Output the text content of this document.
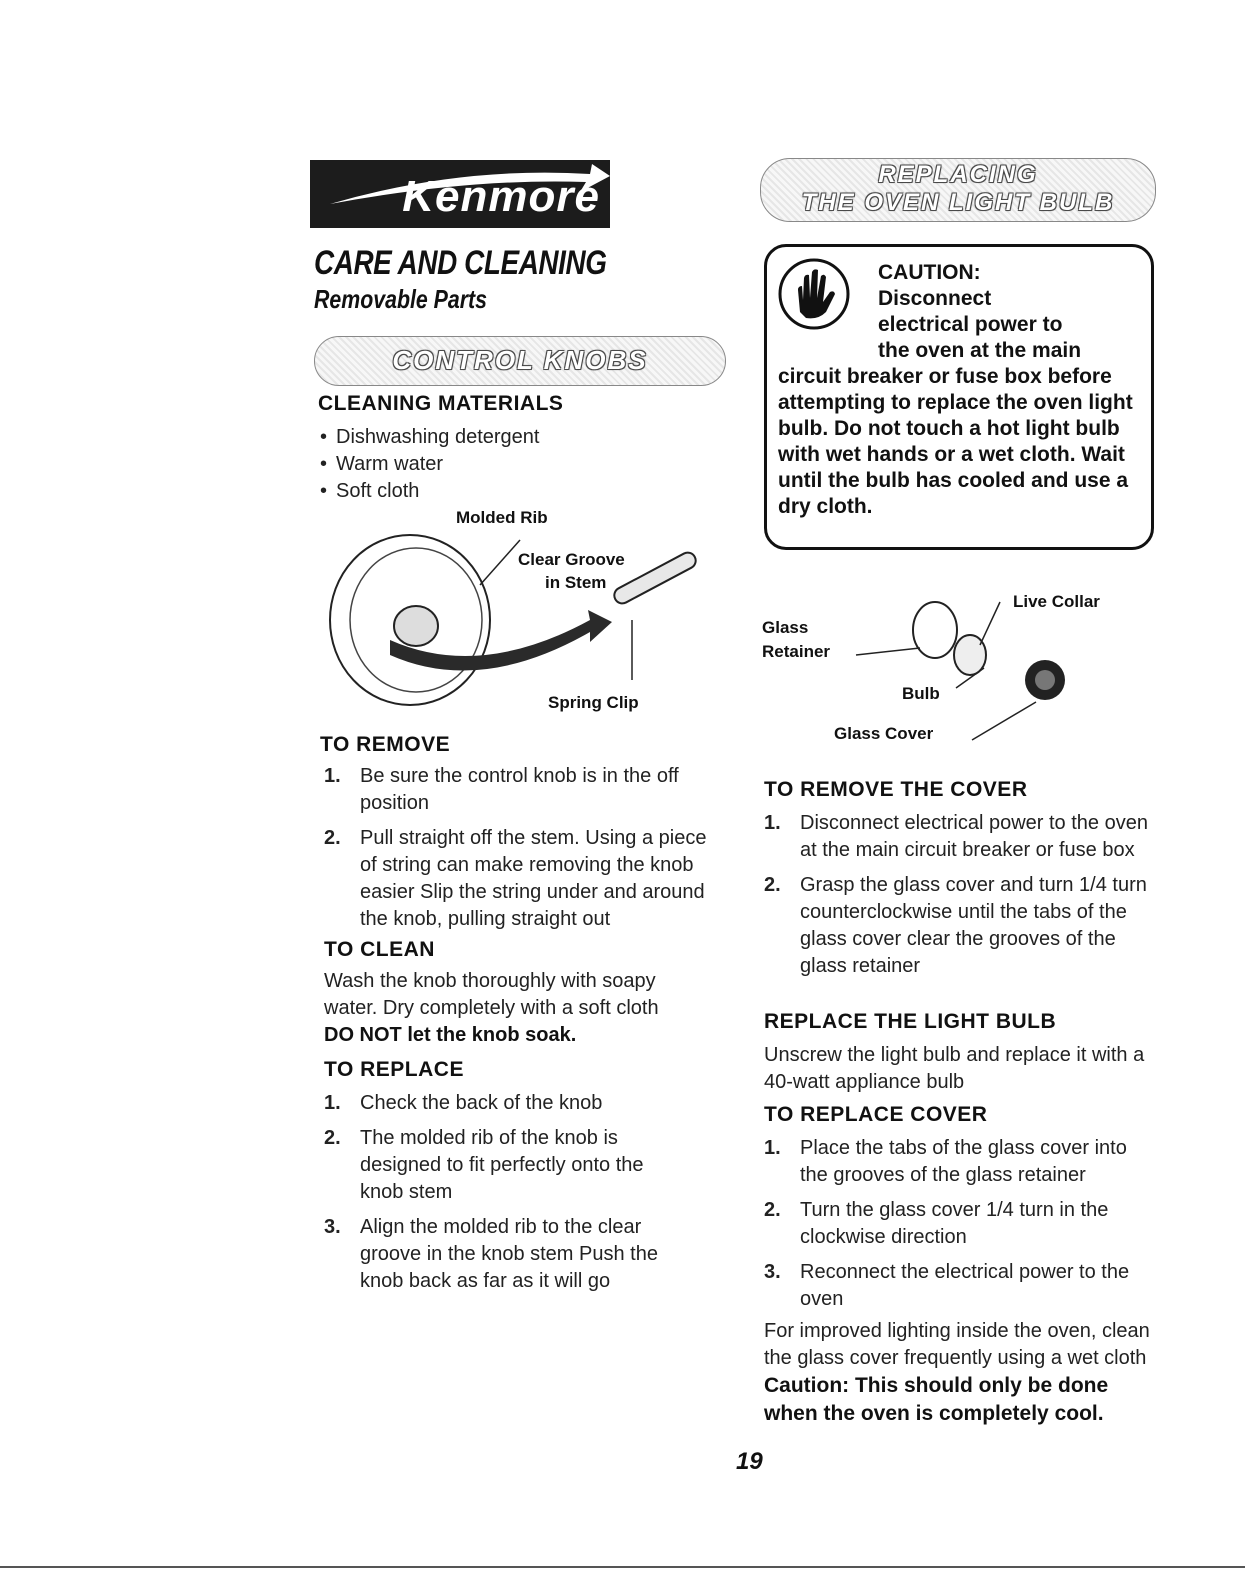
Kenmore
CARE AND CLEANING
Removable Parts
CONTROL KNOBS
CLEANING MATERIALS
• Dishwashing detergent
• Warm water
• Soft cloth
Molded Rib
Clear Groove
in Stem
Spring Clip
TO REMOVE
1. Be sure the control knob is in the off position
2. Pull straight off the stem. Using a piece of string can make removing the knob easier Slip the string under and around the knob, pulling straight out
TO CLEAN
Wash the knob thoroughly with soapy water. Dry completely with a soft cloth
DO NOT let the knob soak.
TO REPLACE
1. Check the back of the knob
2. The molded rib of the knob is designed to fit perfectly onto the knob stem
3. Align the molded rib to the clear groove in the knob stem Push the knob back as far as it will go
REPLACING
THE OVEN LIGHT BULB
CAUTION:
Disconnect
electrical power to
the oven at the main
circuit breaker or fuse box before attempting to replace the oven light bulb. Do not touch a hot light bulb with wet hands or a wet cloth. Wait until the bulb has cooled and use a dry cloth.
Live Collar
Glass
Retainer
Bulb
Glass Cover
TO REMOVE THE COVER
1. Disconnect electrical power to the oven at the main circuit breaker or fuse box
2. Grasp the glass cover and turn 1/4 turn counterclockwise until the tabs of the glass cover clear the grooves of the glass retainer
REPLACE THE LIGHT BULB
Unscrew the light bulb and replace it with a 40-watt appliance bulb
TO REPLACE COVER
1. Place the tabs of the glass cover into the grooves of the glass retainer
2. Turn the glass cover 1/4 turn in the clockwise direction
3. Reconnect the electrical power to the oven
For improved lighting inside the oven, clean the glass cover frequently using a wet cloth Caution: This should only be done when the oven is completely cool.
19
